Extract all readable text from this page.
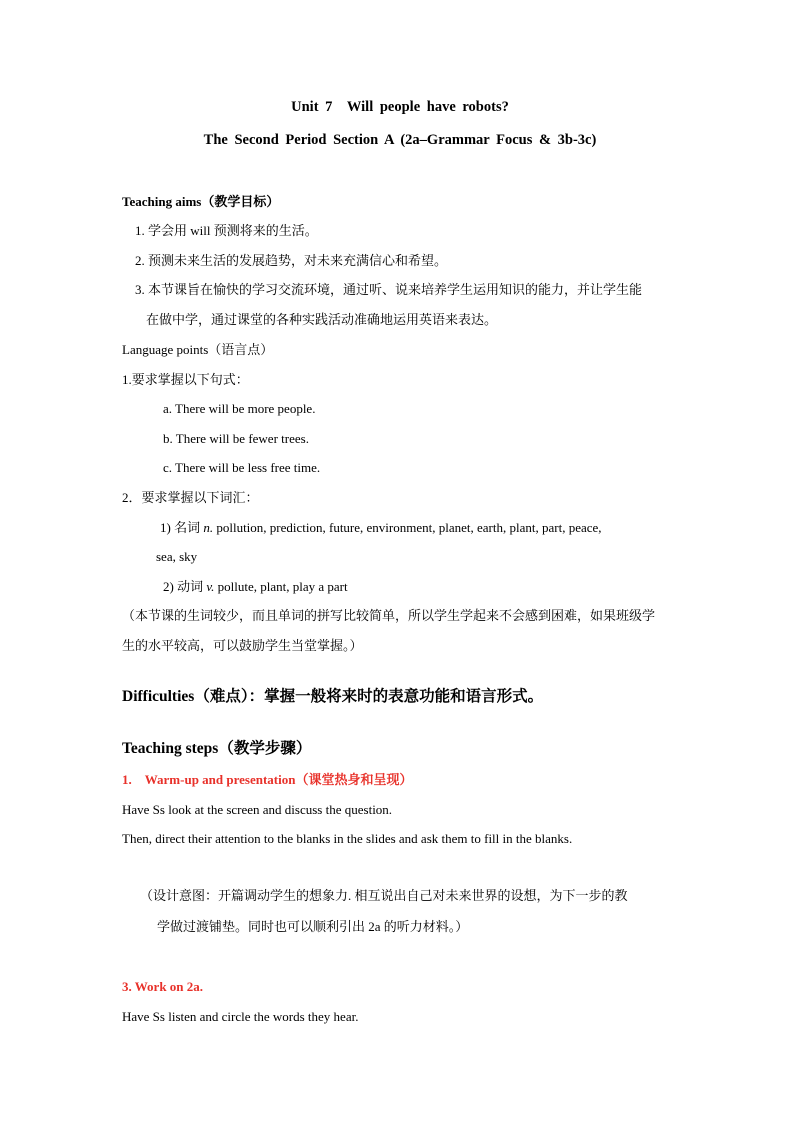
Unit 7　Will people have robots?
The Second Period Section A (2a–Grammar Focus & 3b-3c)
Teaching aims（教学目标）
1. 学会用 will 预测将来的生活。
2. 预测未来生活的发展趋势，对未来充满信心和希望。
3. 本节课旨在愉快的学习交流环境，通过听、说来培养学生运用知识的能力，并让学生能
在做中学，通过课堂的各种实践活动准确地运用英语来表达。
Language points（语言点）
1.要求掌握以下句式：
a. There will be more people.
b. There will be fewer trees.
c. There will be less free time.
2．要求掌握以下词汇：
1) 名词 n. pollution, prediction, future, environment, planet, earth, plant, part, peace,
sea, sky
2) 动词 v. pollute, plant, play a part
（本节课的生词较少，而且单词的拼写比较简单，所以学生学起来不会感到困难，如果班级学
生的水平较高，可以鼓励学生当堂掌握。）
Difficulties（难点）：掌握一般将来时的表意功能和语言形式。
Teaching steps（教学步骤）
1.　Warm-up and presentation（课堂热身和呈现）
Have Ss look at the screen and discuss the question.
Then, direct their attention to the blanks in the slides and ask them to fill in the blanks.
（设计意图：开篇调动学生的想象力. 相互说出自己对未来世界的设想，为下一步的教
学做过渡铺垫。同时也可以顺利引出 2a 的听力材料。）
3. Work on 2a.
Have Ss listen and circle the words they hear.
